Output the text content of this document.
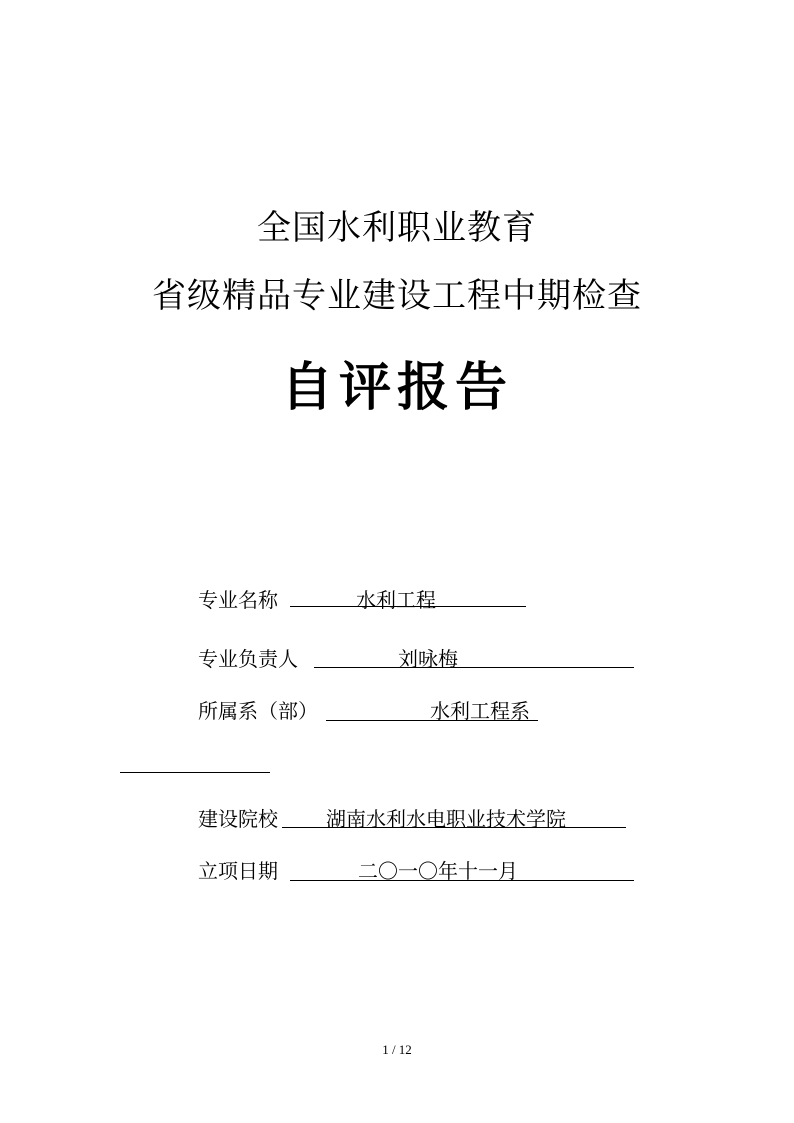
全国水利职业教育
省级精品专业建设工程中期检查
自评报告
专业名称	水利工程
专业负责人	刘咏梅
所属系（部）	水利工程系
建设院校 湖南水利水电职业技术学院
立项日期	二〇一〇年十一月
1 / 12
